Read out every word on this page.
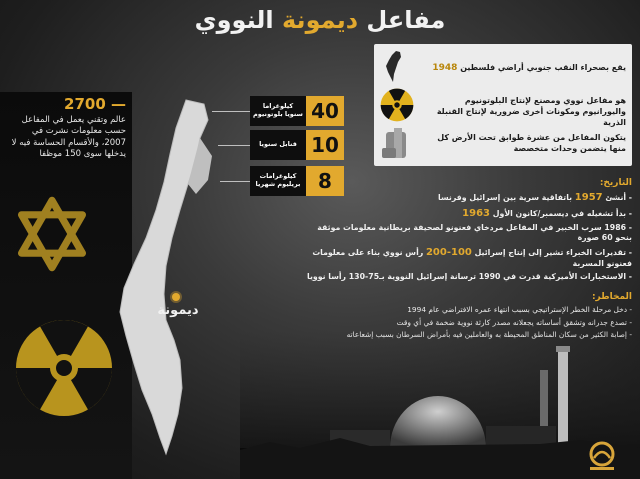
مفاعل ديمونة النووي
— 2700
عالم وتقني يعمل في المفاعل حسب معلومات نشرت في 2007، والأقسام الحساسة فيه لا يدخلها سوى 150 موظفا
ديمونة
كيلوغراما سنويا بلوتونيوم 40
قنابل سنويا 10
كيلوغرامات بريليوم شهريا 8
يقع بصحراء النقب جنوبي أراضي فلسطين 1948
هو مفاعل نووي ومصنع لإنتاج البلوتونيوم واليورانيوم ومكونات أخرى ضرورية لإنتاج القنبلة الذرية
يتكون المفاعل من عشرة طوابق تحت الأرض كل منها يتضمن وحدات متخصصة
التاريخ:
- أنشئ 1957 باتفاقية سرية بين إسرائيل وفرنسا
- بدأ تشغيله في ديسمبر/كانون الأول 1963
- 1986 سرب الخبير في المفاعل مردخاي فعنونو لصحيفة بريطانية معلومات موثقة بنحو 60 صورة
- تقديرات الخبراء تشير إلى إنتاج إسرائيل 100-200 رأس نووي بناء على معلومات فعنونو المسربة
- الاستخبارات الأميركية قدرت في 1990 ترسانة إسرائيل النووية بـ75-130 رأسا نوويا
المخاطر:
- دخل مرحلة الخطر الإستراتيجي بسبب انتهاء عمره الافتراضي عام 1994
- تصدع جدرانه وتشقق أساساته يجعلانه مصدر كارثة نووية ضخمة في أي وقت
